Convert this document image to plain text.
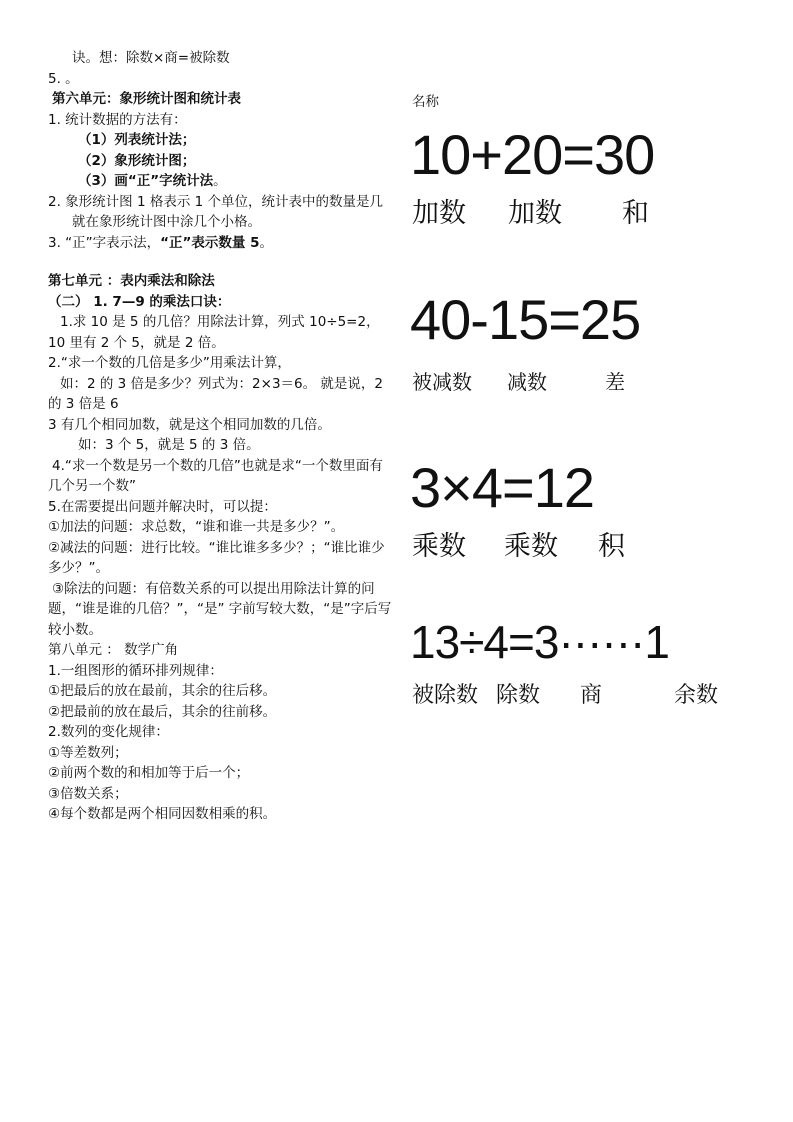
诀。想：除数×商=被除数

5. 。

第六单元：象形统计图和统计表

1. 统计数据的方法有：

（1）列表统计法；

（2）象形统计图；

（3）画“正”字统计法。

2. 象形统计图 1 格表示 1 个单位，统计表中的数量是几就在象形统计图中涂几个小格。

3. “正”字表示法，“正”表示数量 5。

第七单元 ：表内乘法和除法

（二） 1. 7—9 的乘法口诀：

1.求 10 是 5 的几倍？用除法计算，列式 10÷5=2，10 里有 2 个 5，就是 2 倍。

2.“求一个数的几倍是多少”用乘法计算，

如：2 的 3 倍是多少？列式为：2×3＝6。 就是说，2 的 3 倍是 6

3 有几个相同加数，就是这个相同加数的几倍。

如：3 个 5，就是 5 的 3 倍。

4.“求一个数是另一个数的几倍”也就是求“一个数里面有几个另一个数”

5.在需要提出问题并解决时，可以提：

①加法的问题：求总数，“谁和谁一共是多少？”。

②减法的问题：进行比较。“谁比谁多多少？；“谁比谁少多少？”。

③除法的问题：有倍数关系的可以提出用除法计算的问题，“谁是谁的几倍？”，“是” 字前写较大数，“是”字后写较小数。

第八单元 ： 数学广角

1.一组图形的循环排列规律：

①把最后的放在最前，其余的往后移。

②把最前的放在最后，其余的往前移。

2.数列的变化规律：

①等差数列；

②前两个数的和相加等于后一个；

③倍数关系；

④每个数都是两个相同因数相乘的积。

名称
10+20=30
加数 加数 和
40-15=25
被减数 减数	差
3×4=12
乘数 乘数 积
13÷4=3······1
被除数 除数 商	余数
